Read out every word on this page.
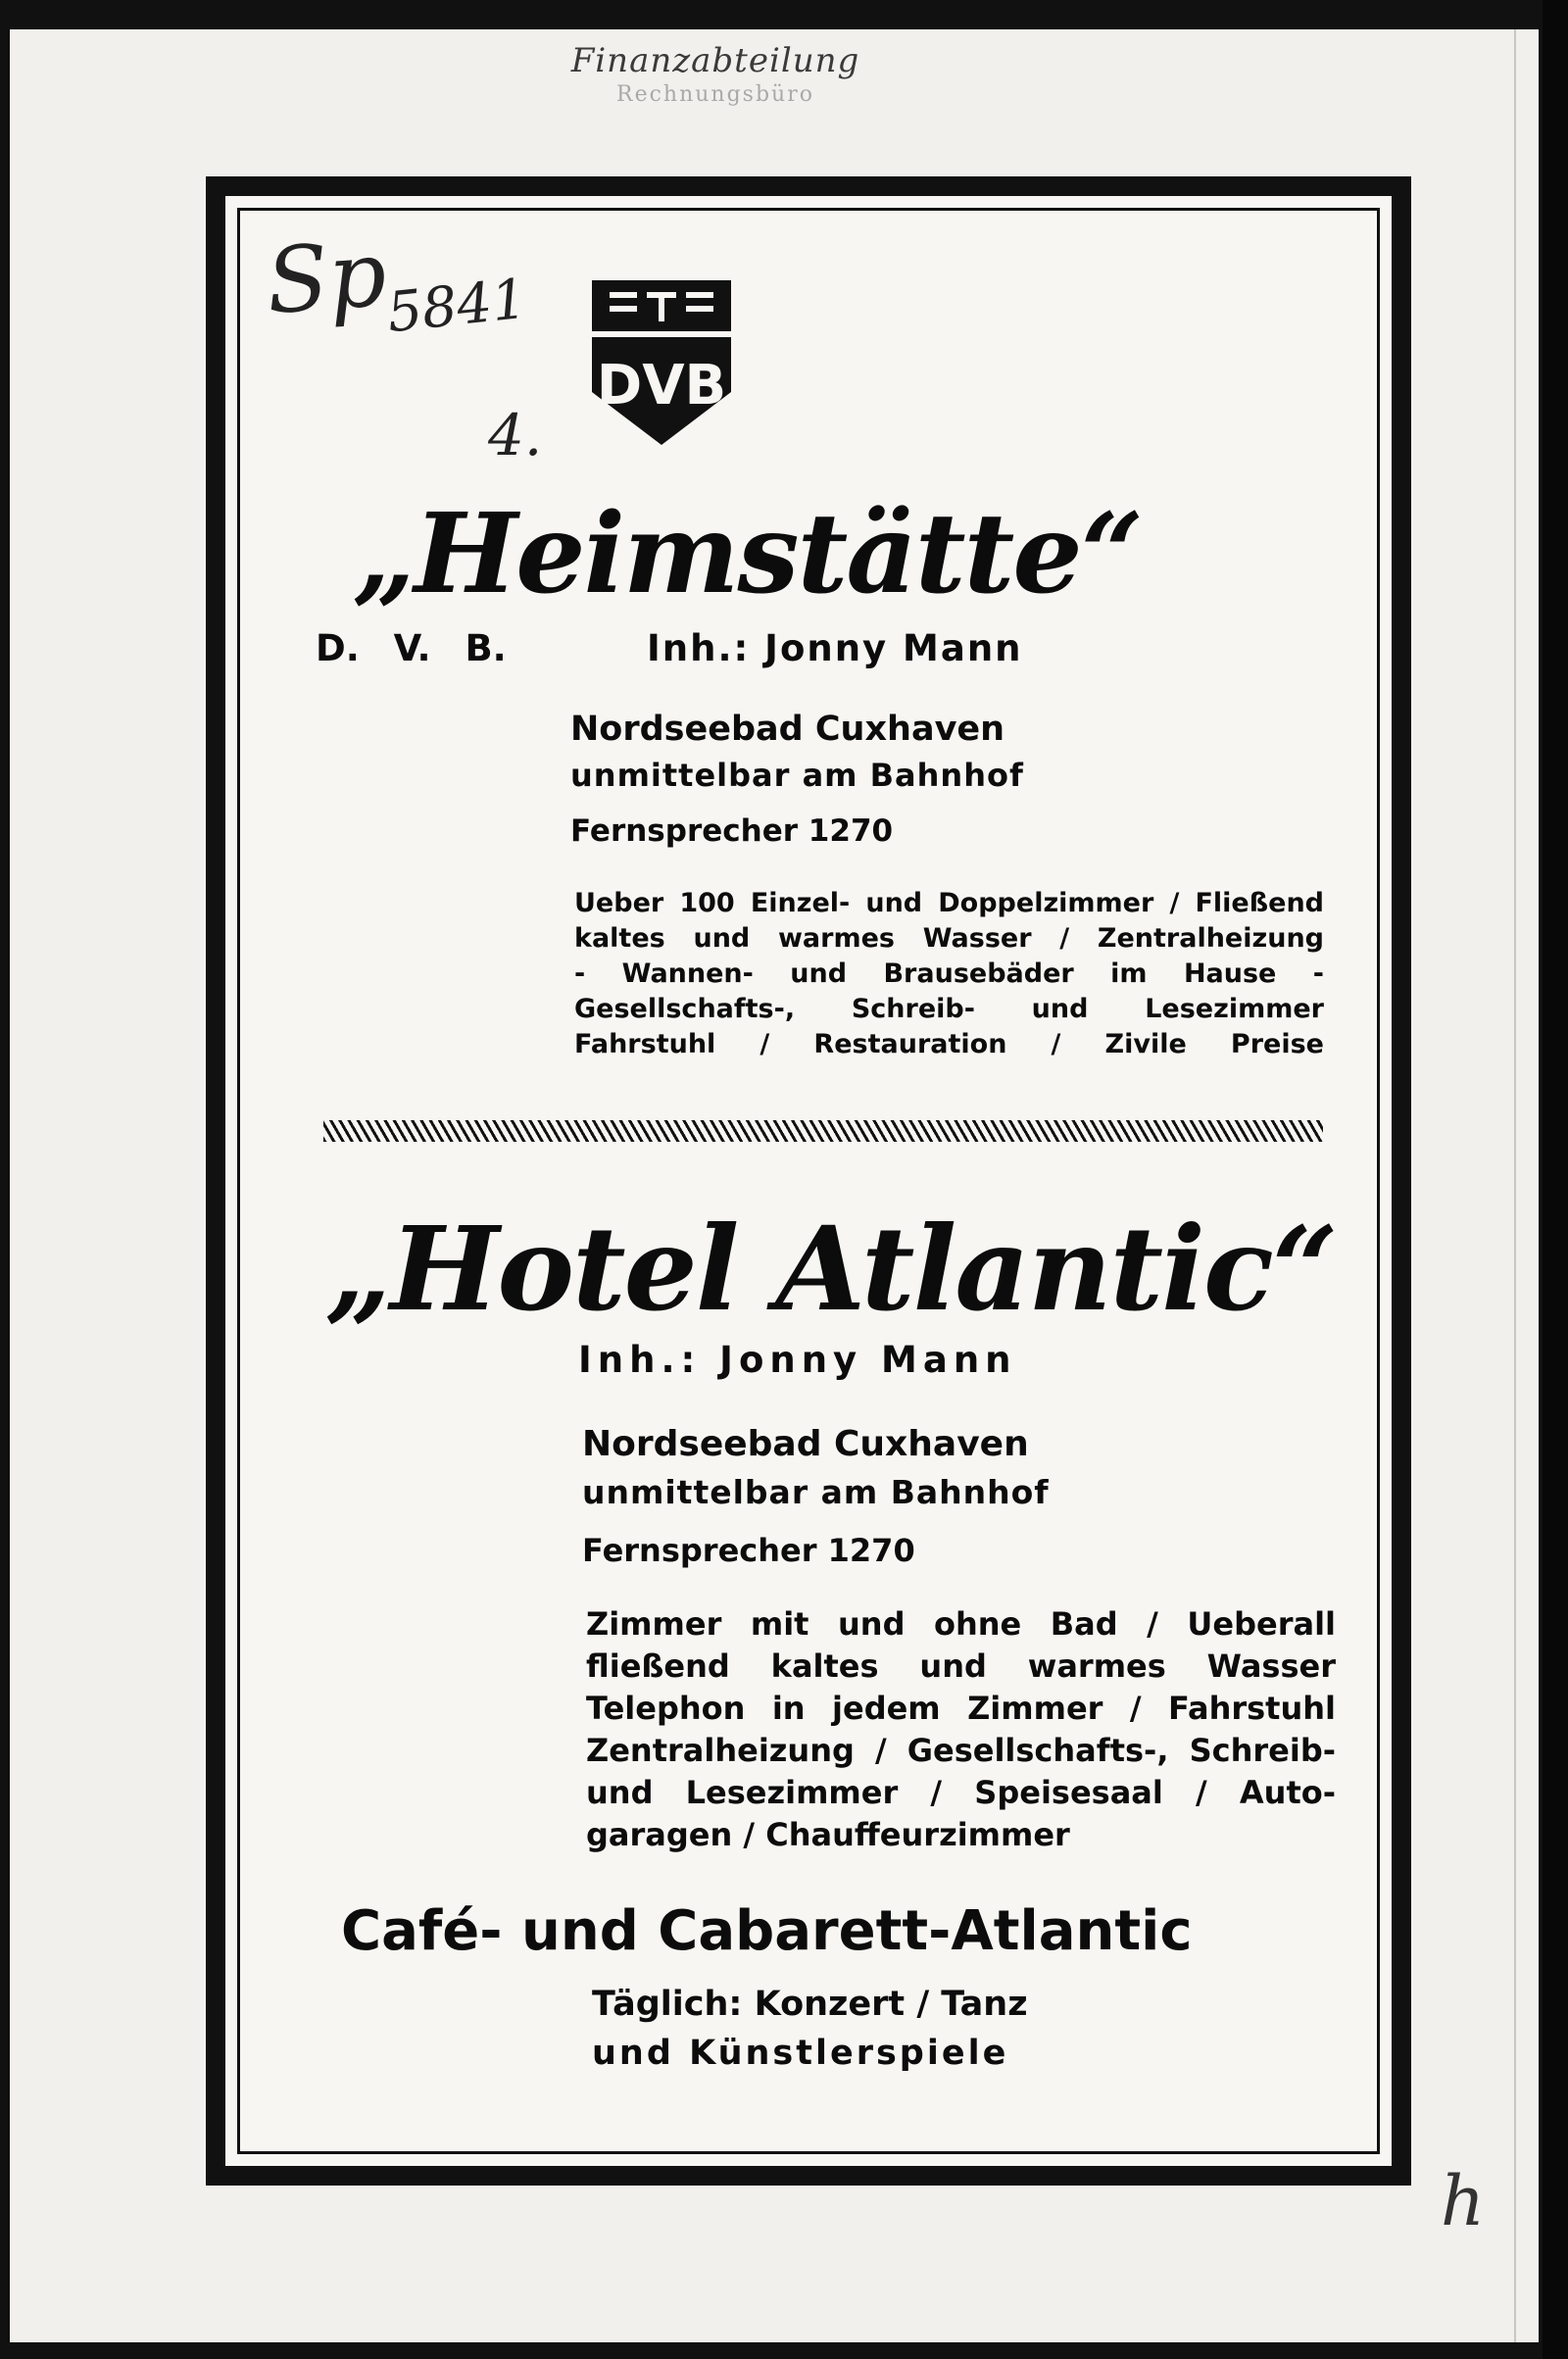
Finanzabteilung
Rechnungsbüro
Sp
5841
4.
DVB
„Heimstätte“
D. V. B.	Inh.: Jonny Mann
Nordseebad Cuxhaven
unmittelbar am Bahnhof
Fernsprecher 1270
Ueber 100 Einzel- und Doppelzimmer / Fließend
kaltes und warmes Wasser / Zentralheizung
- Wannen- und Brausebäder im Hause -
Gesellschafts-, Schreib- und Lesezimmer
Fahrstuhl / Restauration / Zivile Preise
„Hotel Atlantic“
Inh.: Jonny Mann
Nordseebad Cuxhaven
unmittelbar am Bahnhof
Fernsprecher 1270
Zimmer mit und ohne Bad / Ueberall
fließend kaltes und warmes Wasser
Telephon in jedem Zimmer / Fahrstuhl
Zentralheizung / Gesellschafts-, Schreib-
und Lesezimmer / Speisesaal / Auto-
garagen / Chauffeurzimmer
Café- und Cabarett-Atlantic
Täglich: Konzert / Tanz
und Künstlerspiele
h
